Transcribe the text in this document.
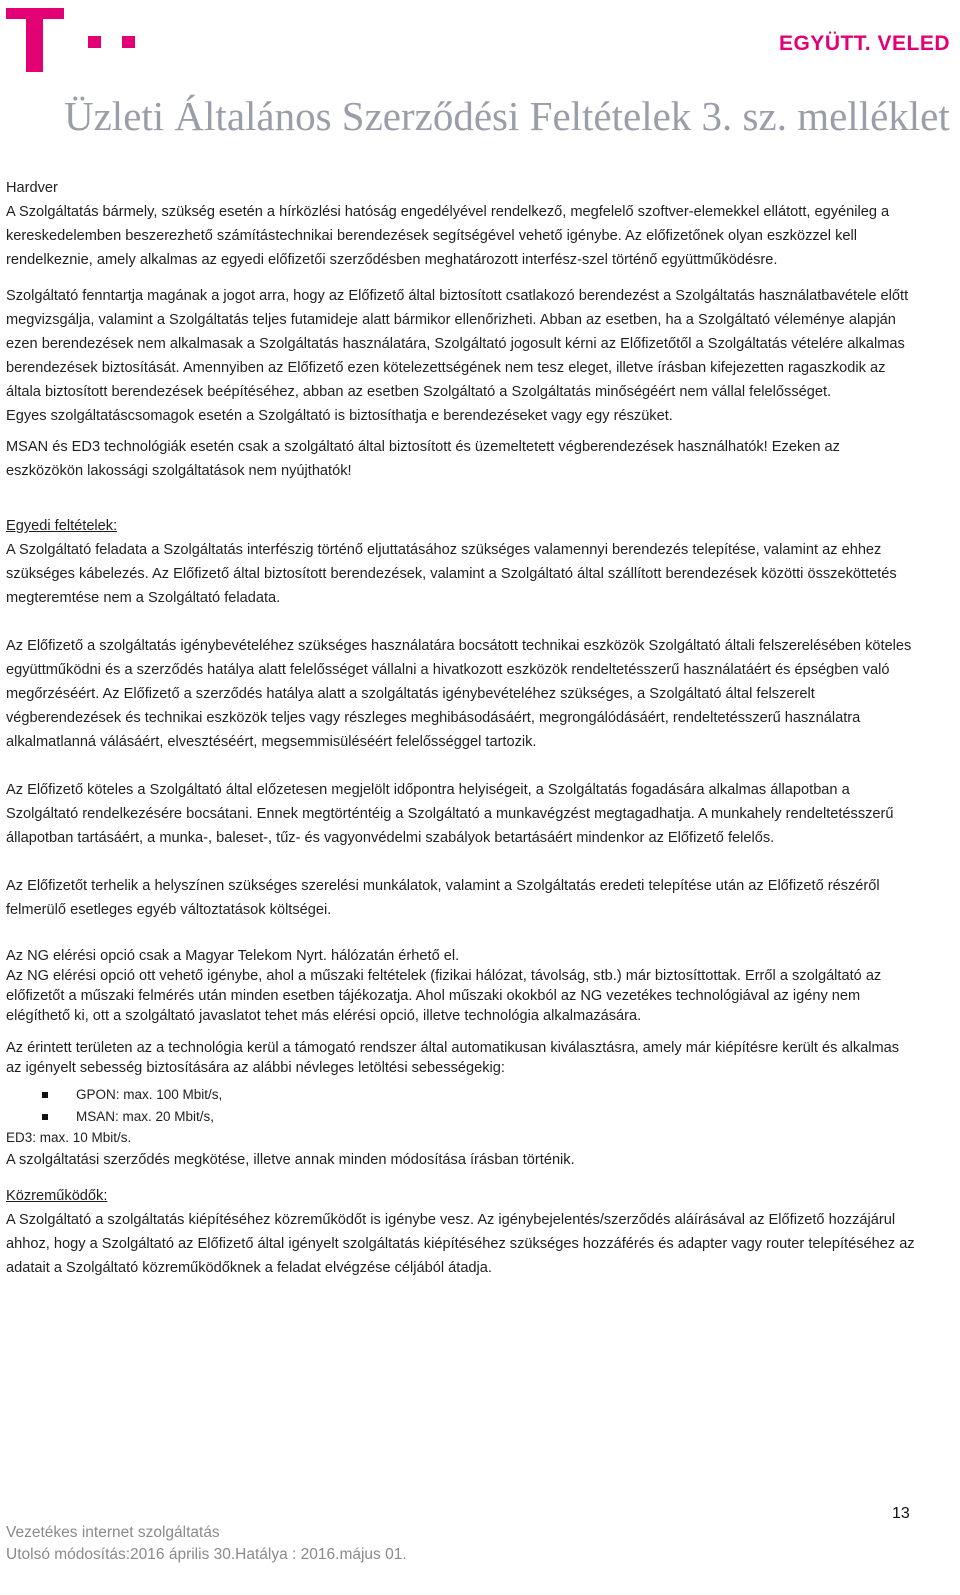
EGYÜTT. VELED
Üzleti Általános Szerződési Feltételek 3. sz. melléklet

Hardver

A Szolgáltatás bármely, szükség esetén a hírközlési hatóság engedélyével rendelkező, megfelelő szoftver-elemekkel ellátott, egyénileg a kereskedelemben beszerezhető számítástechnikai berendezések segítségével vehető igénybe. Az előfizetőnek olyan eszközzel kell rendelkeznie, amely alkalmas az egyedi előfizetői szerződésben meghatározott interfész-szel történő együttműködésre.

Szolgáltató fenntartja magának a jogot arra, hogy az Előfizető által biztosított csatlakozó berendezést a Szolgáltatás használatbavétele előtt megvizsgálja, valamint a Szolgáltatás teljes futamideje alatt bármikor ellenőrizheti. Abban az esetben, ha a Szolgáltató véleménye alapján ezen berendezések nem alkalmasak a Szolgáltatás használatára, Szolgáltató jogosult kérni az Előfizetőtől a Szolgáltatás vételére alkalmas berendezések biztosítását. Amennyiben az Előfizető ezen kötelezettségének nem tesz eleget, illetve írásban kifejezetten ragaszkodik az általa biztosított berendezések beépítéséhez, abban az esetben Szolgáltató a Szolgáltatás minőségéért nem vállal felelősséget.

Egyes szolgáltatáscsomagok esetén a Szolgáltató is biztosíthatja e berendezéseket vagy egy részüket.

MSAN és ED3 technológiák esetén csak a szolgáltató által biztosított és üzemeltetett végberendezések használhatók! Ezeken az eszközökön lakossági szolgáltatások nem nyújthatók!

Egyedi feltételek:

A Szolgáltató feladata a Szolgáltatás interfészig történő eljuttatásához szükséges valamennyi berendezés telepítése, valamint az ehhez szükséges kábelezés. Az Előfizető által biztosított berendezések, valamint a Szolgáltató által szállított berendezések közötti összeköttetés megteremtése nem a Szolgáltató feladata.

Az Előfizető a szolgáltatás igénybevételéhez szükséges használatára bocsátott technikai eszközök Szolgáltató általi felszerelésében köteles együttműködni és a szerződés hatálya alatt felelősséget vállalni a hivatkozott eszközök rendeltetésszerű használatáért és épségben való megőrzéséért. Az Előfizető a szerződés hatálya alatt a szolgáltatás igénybevételéhez szükséges, a Szolgáltató által felszerelt végberendezések és technikai eszközök teljes vagy részleges meghibásodásáért, megrongálódásáért, rendeltetésszerű használatra alkalmatlanná válásáért, elvesztéséért, megsemmisüléséért felelősséggel tartozik.

Az Előfizető köteles a Szolgáltató által előzetesen megjelölt időpontra helyiségeit, a Szolgáltatás fogadására alkalmas állapotban a Szolgáltató rendelkezésére bocsátani. Ennek megtörténtéig a Szolgáltató a munkavégzést megtagadhatja. A munkahely rendeltetésszerű állapotban tartásáért, a munka-, baleset-, tűz- és vagyonvédelmi szabályok betartásáért mindenkor az Előfizető felelős.

Az Előfizetőt terhelik a helyszínen szükséges szerelési munkálatok, valamint a Szolgáltatás eredeti telepítése után az Előfizető részéről felmerülő esetleges egyéb változtatások költségei.

Az NG elérési opció csak a Magyar Telekom Nyrt. hálózatán érhető el.

Az NG elérési opció ott vehető igénybe, ahol a műszaki feltételek (fizikai hálózat, távolság, stb.) már biztosíttottak. Erről a szolgáltató az előfizetőt a műszaki felmérés után minden esetben tájékozatja. Ahol műszaki okokból az NG vezetékes technológiával az igény nem elégíthető ki, ott a szolgáltató javaslatot tehet más elérési opció, illetve technológia alkalmazására.

Az érintett területen az a technológia kerül a támogató rendszer által automatikusan kiválasztásra, amely már kiépítésre került és alkalmas az igényelt sebesség biztosítására az alábbi névleges letöltési sebességekig:

GPON: max. 100 Mbit/s,
MSAN: max. 20 Mbit/s,

ED3: max. 10 Mbit/s.

A szolgáltatási szerződés megkötése, illetve annak minden módosítása írásban történik.

Közreműködők:

A Szolgáltató a szolgáltatás kiépítéséhez közreműködőt is igénybe vesz. Az igénybejelentés/szerződés aláírásával az Előfizető hozzájárul ahhoz, hogy a Szolgáltató az Előfizető által igényelt szolgáltatás kiépítéséhez szükséges hozzáférés és adapter vagy router telepítéséhez az adatait a Szolgáltató közreműködőknek a feladat elvégzése céljából átadja.

13
Vezetékes internet szolgáltatás
Utolsó módosítás:2016 április 30.Hatálya : 2016.május 01.
